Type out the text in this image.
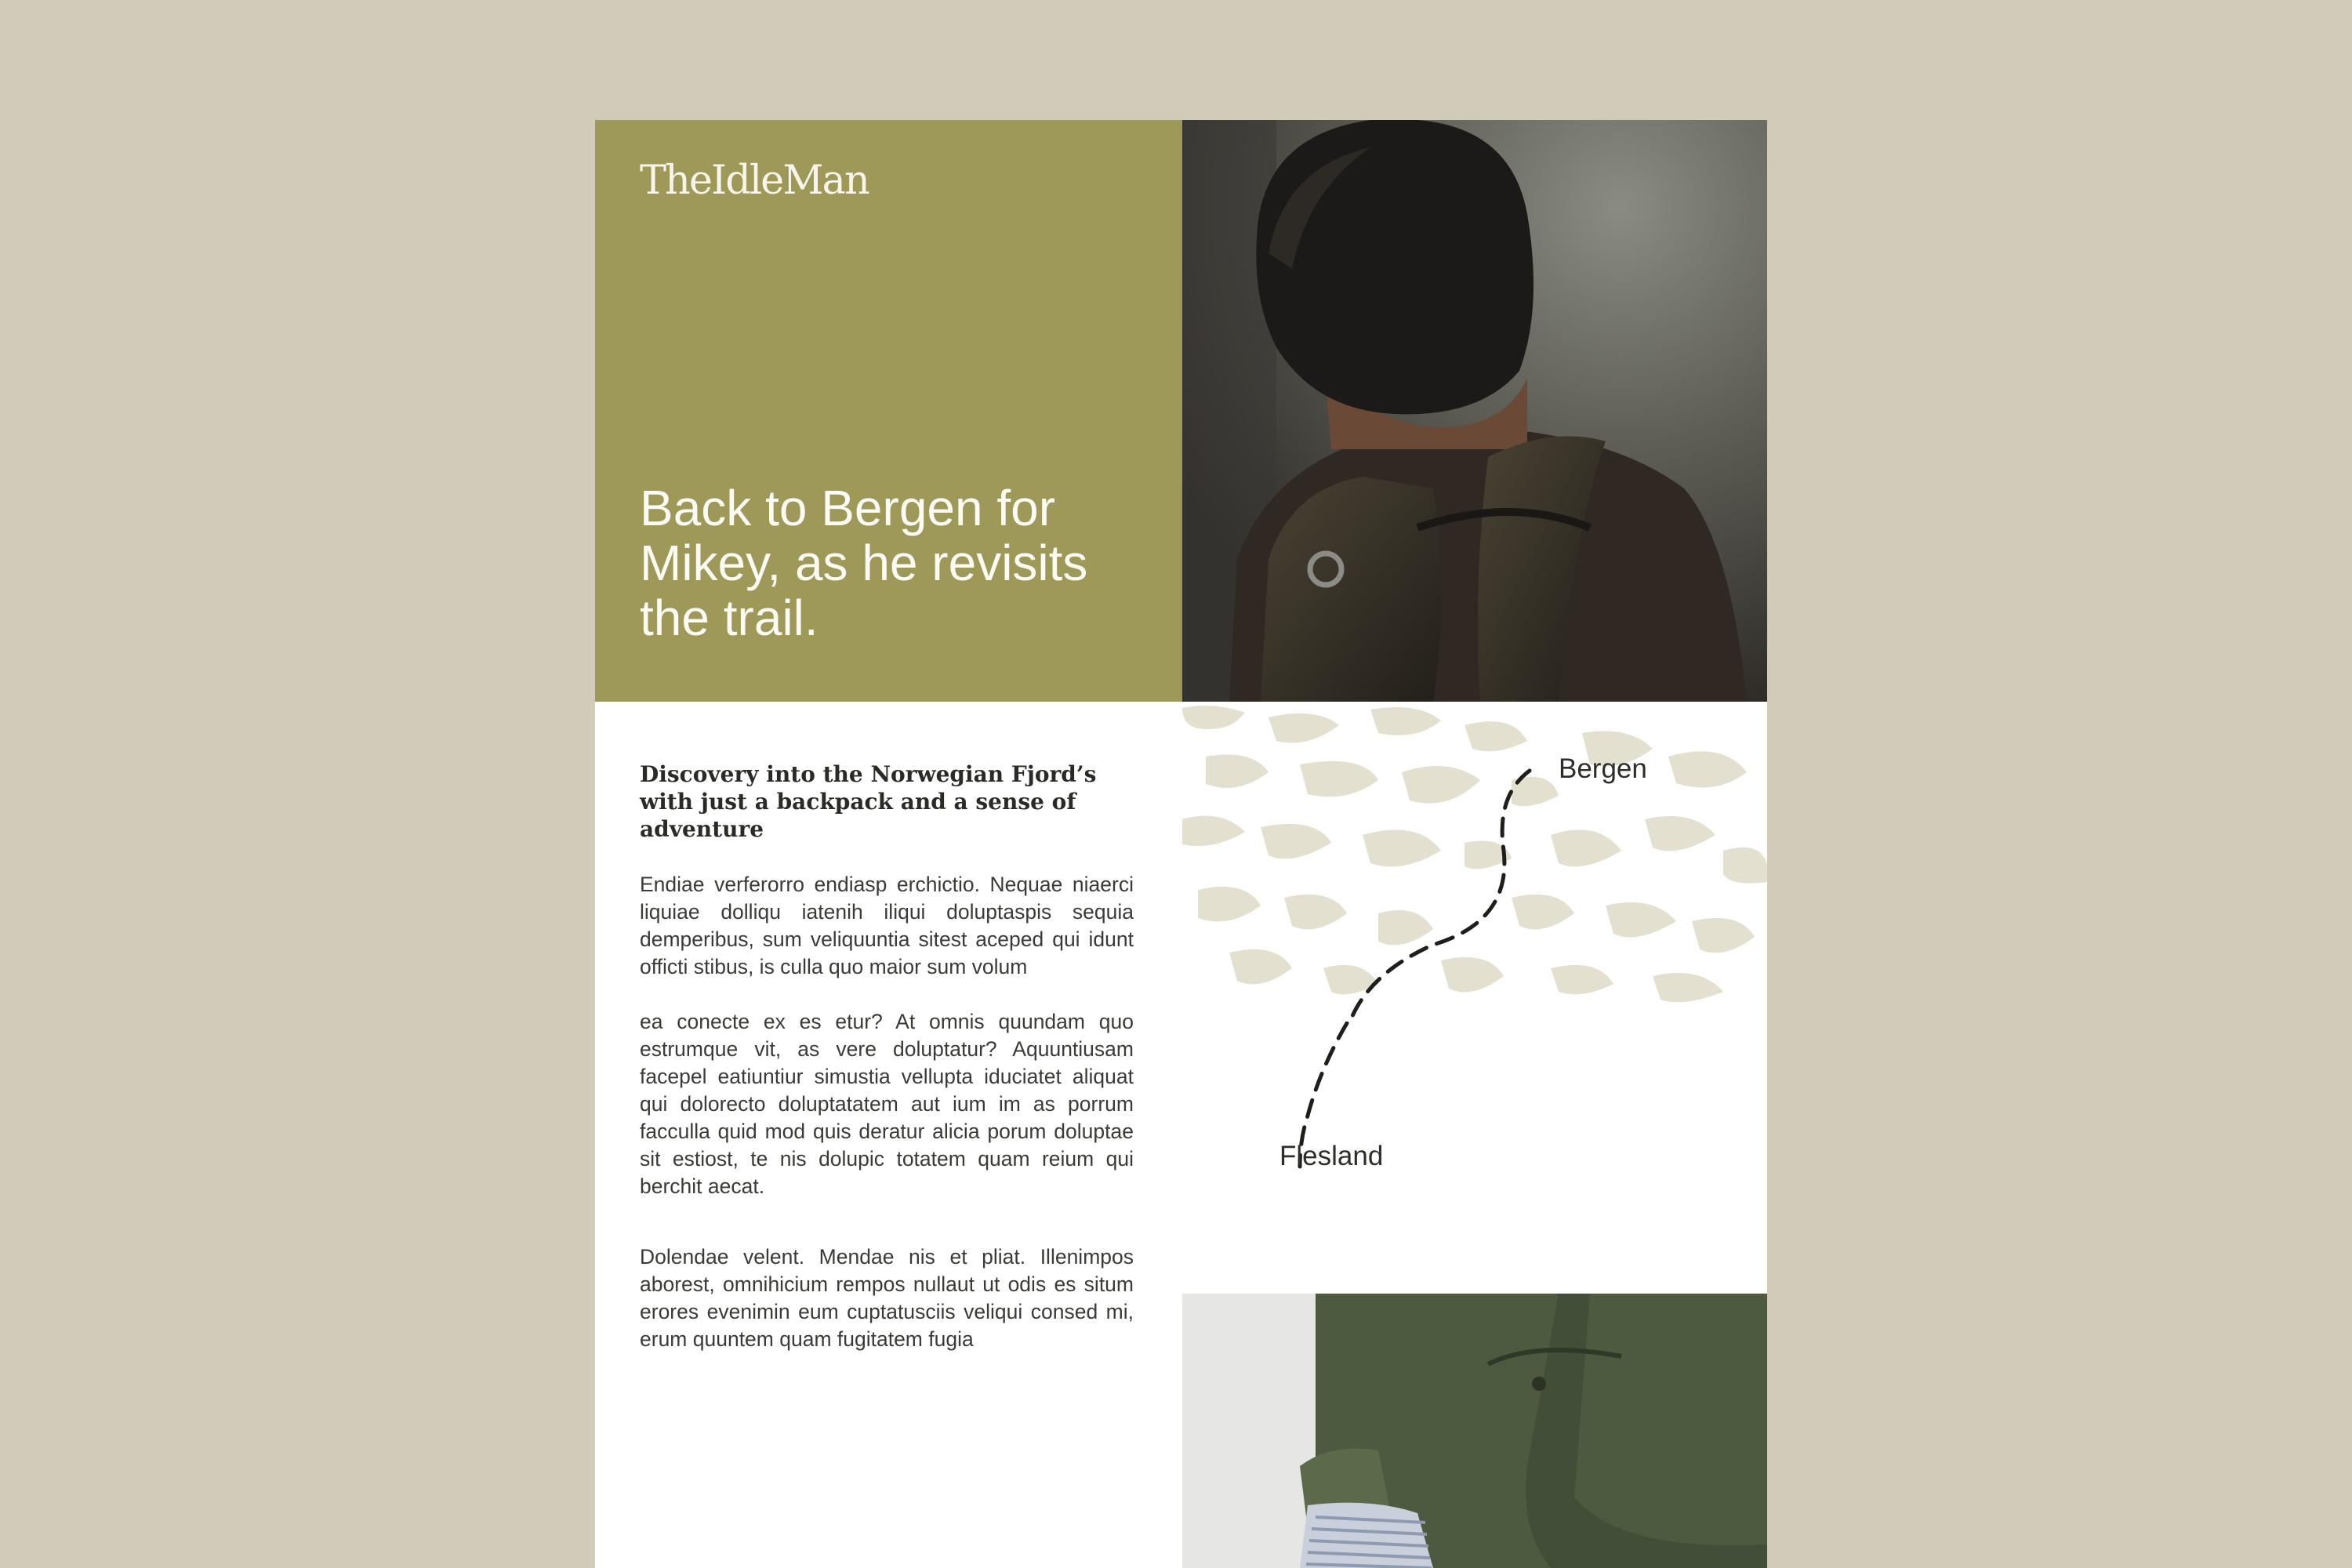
TheIdleMan
Back to Bergen for Mikey, as he revisits the trail.
Discovery into the Norwegian Fjord’s with just a backpack and a sense of adventure

Endiae verferorro endiasp erchictio. Nequae niaerci liquiae dolliqu iatenih iliqui doluptaspis sequia demperibus, sum veliquuntia sitest aceped qui idunt officti stibus, is culla quo maior sum volum

ea conecte ex es etur? At omnis quundam quo estrumque vit, as vere doluptatur? Aquuntiusam facepel eatiuntiur simustia vellupta iduciatet aliquat qui dolorecto doluptatatem aut ium im as porrum facculla quid mod quis deratur alicia porum doluptae sit estiost, te nis dolupic totatem quam reium qui berchit aecat.

Dolendae velent. Mendae nis et pliat. Illenimpos aborest, omnihicium rempos nullaut ut odis es situm erores evenimin eum cuptatusciis veliqui consed mi, erum quuntem quam fugitatem fugia

Bergen
Flesland
